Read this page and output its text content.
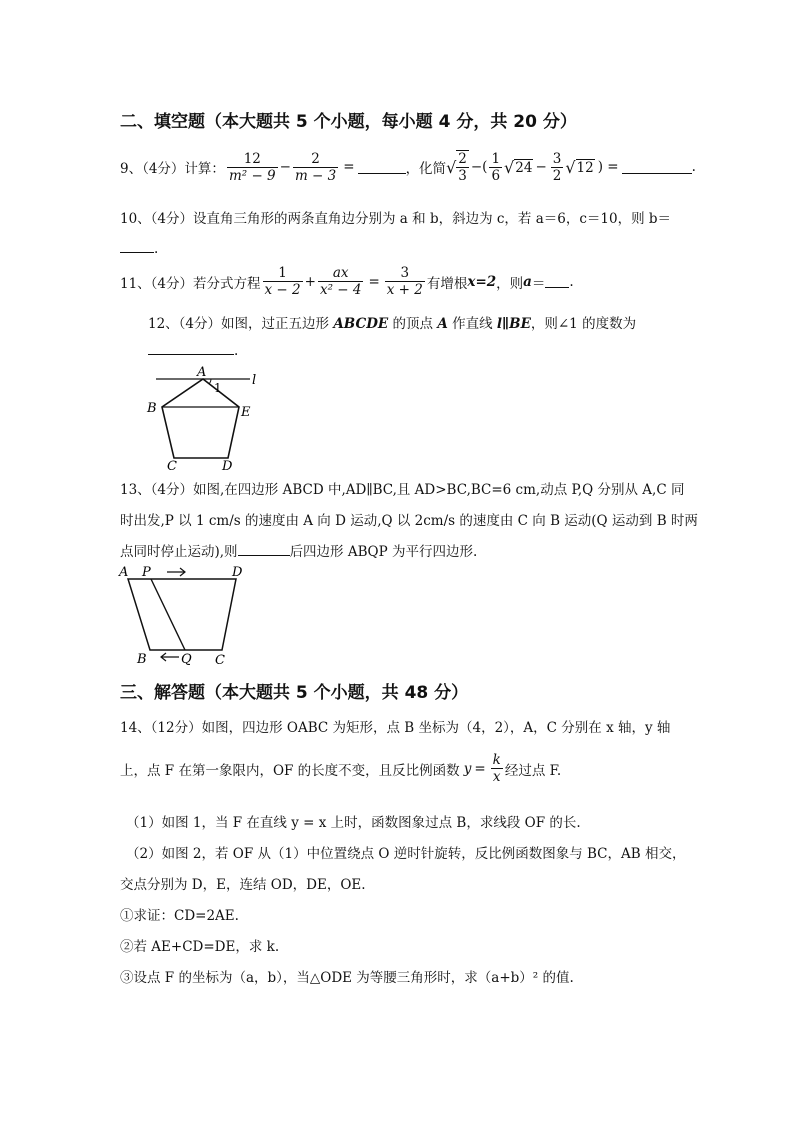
二、填空题（本大题共 5 个小题，每小题 4 分，共 20 分）
9、（4分）计算： $\frac{12}{\text{m² − 9}} - \frac{2}{m - 3}$ =	，化简 √ $\frac{2}{3}$ −( $\frac{1}{6}$ √ $24 - \frac{3}{2}$ √ 12 ) =	.
10、（4分）设直角三角形的两条直角边分别为 a 和 b，斜边为 c，若 a＝6，c＝10，则 b＝
.
11、（4分）若分式方程 $\frac{1}{x - 2} + \frac{ax}{\text{x² − 4}} = \frac{3}{x + 2}$ 有增根 x=2 ，则 a ＝ .
12、（4分）如图，过正五边形 ABCDE 的顶点 A 作直线 l∥BE，则∠1 的度数为
.
A
1 l
B	E
C	D
13、（4分）如图,在四边形 ABCD 中,AD∥BC,且 AD>BC,BC=6 cm,动点 P,Q 分别从 A,C 同
时出发,P 以 1 cm/s 的速度由 A 向 D 运动,Q 以 2cm/s 的速度由 C 向 B 运动(Q 运动到 B 时两
点同时停止运动),则	后四边形 ABQP 为平行四边形.
A P	D
B	Q C
三、解答题（本大题共 5 个小题，共 48 分）
14、（12分）如图，四边形 OABC 为矩形，点 B 坐标为（4，2），A，C 分别在 x 轴，y 轴
上，点 F 在第一象限内，OF 的长度不变，且反比例函数 $y = \frac{k}{x}$ 经过点 F.
（1）如图 1，当 F 在直线 y = x 上时，函数图象过点 B，求线段 OF 的长.
（2）如图 2，若 OF 从（1）中位置绕点 O 逆时针旋转，反比例函数图象与 BC，AB 相交，
交点分别为 D，E，连结 OD，DE，OE.
①求证：CD=2AE.
②若 AE+CD=DE，求 k.
③设点 F 的坐标为（a，b），当△ODE 为等腰三角形时，求（a+b）² 的值.
